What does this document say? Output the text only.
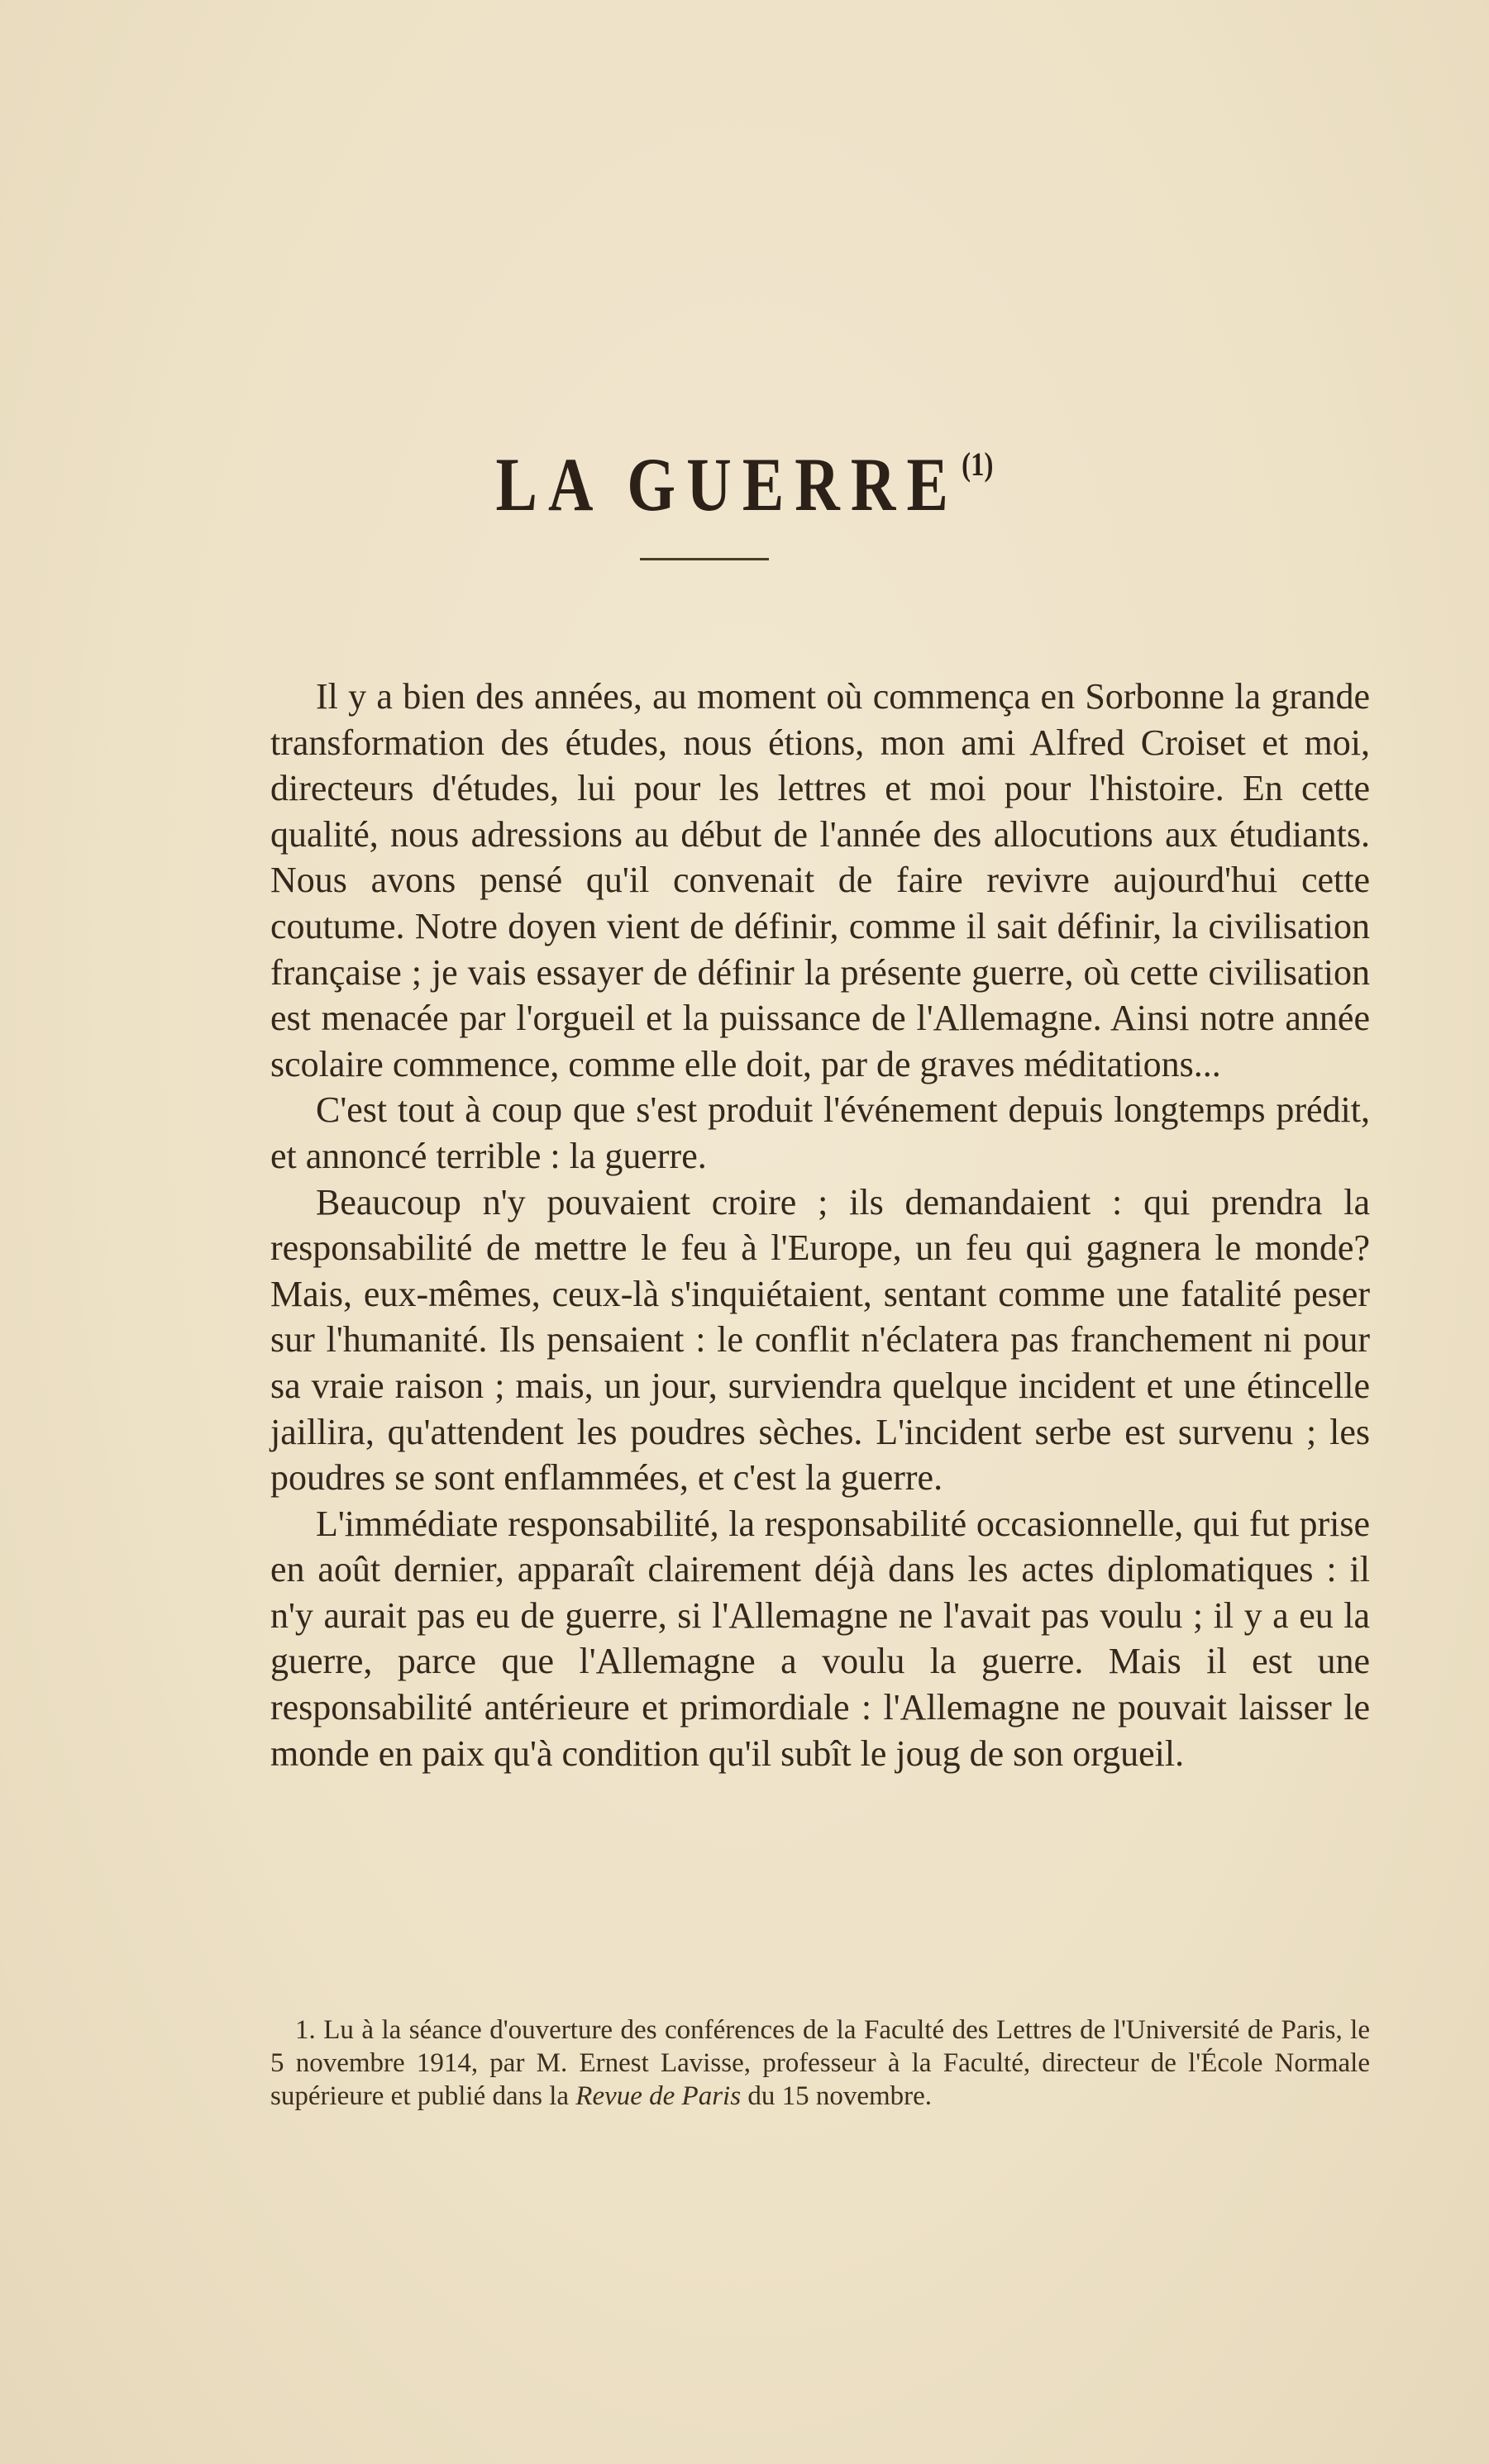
LA GUERRE$^{(1)}$

Il y a bien des années, au moment où commença en Sorbonne la grande transformation des études, nous étions, mon ami Alfred Croiset et moi, directeurs d'études, lui pour les lettres et moi pour l'histoire. En cette qualité, nous adressions au début de l'année des allocutions aux étudiants. Nous avons pensé qu'il convenait de faire revivre aujourd'hui cette coutume. Notre doyen vient de définir, comme il sait définir, la civilisation française ; je vais essayer de définir la présente guerre, où cette civilisation est menacée par l'orgueil et la puissance de l'Allemagne. Ainsi notre année scolaire commence, comme elle doit, par de graves méditations...

C'est tout à coup que s'est produit l'événement depuis longtemps prédit, et annoncé terrible : la guerre.

Beaucoup n'y pouvaient croire ; ils demandaient : qui prendra la responsabilité de mettre le feu à l'Europe, un feu qui gagnera le monde? Mais, eux-mêmes, ceux-là s'inquiétaient, sentant comme une fatalité peser sur l'humanité. Ils pensaient : le conflit n'éclatera pas franchement ni pour sa vraie raison ; mais, un jour, surviendra quelque incident et une étincelle jaillira, qu'attendent les poudres sèches. L'incident serbe est survenu ; les poudres se sont enflammées, et c'est la guerre.

L'immédiate responsabilité, la responsabilité occasionnelle, qui fut prise en août dernier, apparaît clairement déjà dans les actes diplomatiques : il n'y aurait pas eu de guerre, si l'Allemagne ne l'avait pas voulu ; il y a eu la guerre, parce que l'Allemagne a voulu la guerre. Mais il est une responsabilité antérieure et primordiale : l'Allemagne ne pouvait laisser le monde en paix qu'à condition qu'il subît le joug de son orgueil.

1. Lu à la séance d'ouverture des conférences de la Faculté des Lettres de l'Université de Paris, le 5 novembre 1914, par M. Ernest Lavisse, professeur à la Faculté, directeur de l'École Normale supérieure et publié dans la Revue de Paris du 15 novembre.
